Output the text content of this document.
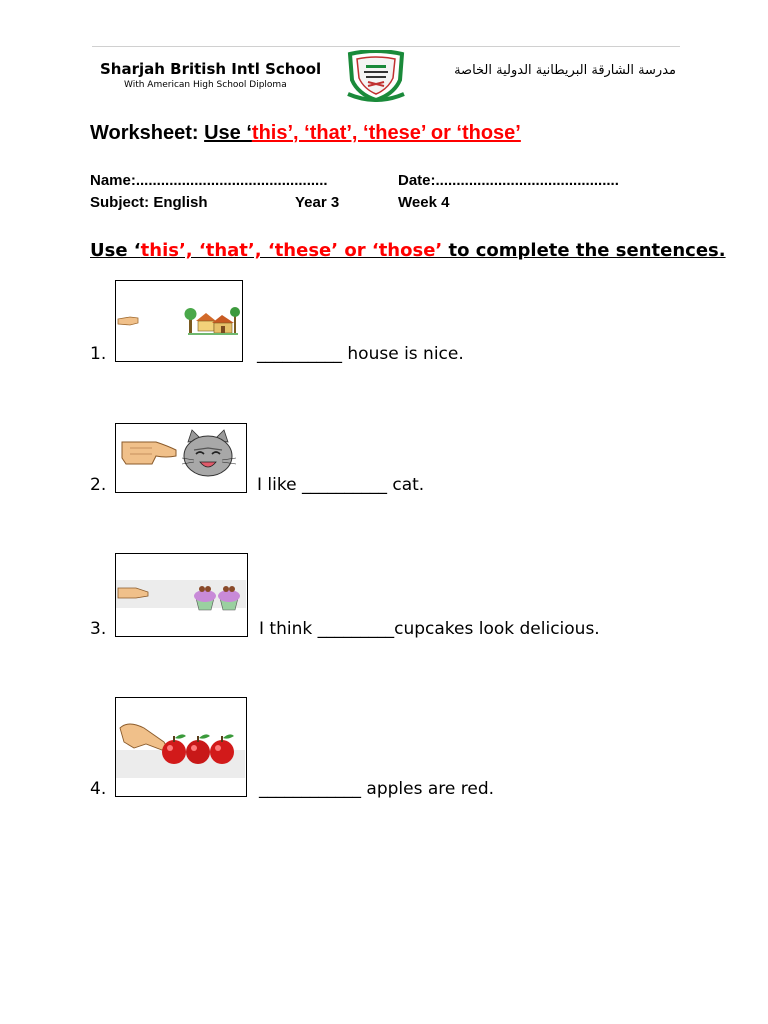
Sharjah British Intl School
With American High School Diploma
مدرسة الشارقة البريطانية الدولية الخاصة
Worksheet: Use ‘this’, ‘that’, ‘these’ or ‘those’
Name:..............................................	Date:............................................
Subject: English	Year 3	Week 4
Use ‘this’, ‘that’, ‘these’ or ‘those’ to complete the sentences.
1.	__________ house is nice.
2.	I like __________ cat.
3.	I think _________cupcakes look delicious.
4.	____________ apples are red.
